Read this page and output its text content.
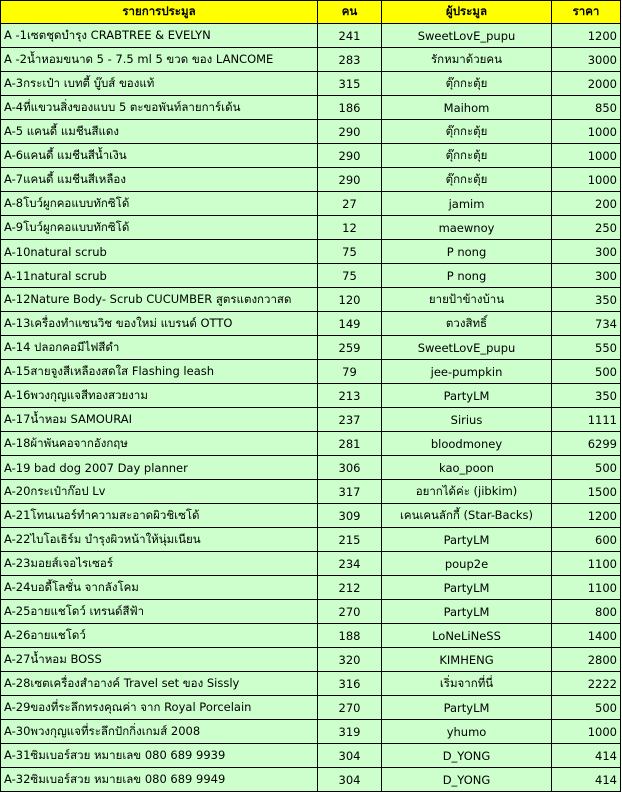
รายการประมูล	คน	ผู้ประมูล	ราคา
A -1เซตชุดบำรุง CRABTREE & EVELYN	241	SweetLovE_pupu	1200
A -2น้ำหอมขนาด 5 - 7.5 ml 5 ขวด ของ LANCOME	283	รักหมาด้วยคน	3000
A-3กระเป๋า เบทตี้ บู๊บส์ ของแท้	315	ตุ๊กกะตุ้ย	2000
A-4ที่แขวนสิ่งของแบบ 5 ตะขอพันท์ลายการ์เด้น	186	Maihom	850
A-5 แคนดี้ แมชีนสีแดง	290	ตุ๊กกะตุ้ย	1000
A-6แคนดี้ แมชีนสีน้ำเงิน	290	ตุ๊กกะตุ้ย	1000
A-7แคนดี้ แมชีนสีเหลือง	290	ตุ๊กกะตุ้ย	1000
A-8โบว์ผูกคอแบบทักซิโด้	27	jamim	200
A-9โบว์ผูกคอแบบทักซิโด้	12	maewnoy	250
A-10natural scrub	75	P nong	300
A-11natural scrub	75	P nong	300
A-12Nature Body- Scrub CUCUMBER สูตรแตงกวาสด	120	ยายป้าข้างบ้าน	350
A-13เครื่องทำแซนวิช ของใหม่ แบรนด์ OTTO	149	ตวงสิทธิ์	734
A-14 ปลอกคอมีไฟสีดำ	259	SweetLovE_pupu	550
A-15สายจูงสีเหลืองสดใส Flashing leash	79	jee-pumpkin	500
A-16พวงกุญแจสีทองสวยงาม	213	PartyLM	350
A-17น้ำหอม SAMOURAI	237	Sirius	1111
A-18ผ้าพันคอจากอังกฤษ	281	bloodmoney	6299
A-19 bad dog 2007 Day planner	306	kao_poon	500
A-20กระเป๋าก๊อป Lv	317	อยากได้ค่ะ (jibkim)	1500
A-21โทนเนอร์ทำความสะอาดผิวชิเซโด้	309	เคนเคนลักกี้ (Star-Backs)	1200
A-22ไบโอเธิร์ม บำรุงผิวหน้าให้นุ่มเนียน	215	PartyLM	600
A-23มอยส์เจอไรเซอร์	234	poup2e	1100
A-24บอดี้โลชั่น จากลังโคม	212	PartyLM	1100
A-25อายแชโดว์ เทรนด์สีฟ้า	270	PartyLM	800
A-26อายแชโดว์	188	LoNeLiNeSS	1400
A-27น้ำหอม BOSS	320	KIMHENG	2800
A-28เซตเครื่องสำอางค์ Travel set ของ Sissly	316	เริ่มจากที่นี่	2222
A-29ของที่ระลึกทรงคุณค่า จาก Royal Porcelain	270	PartyLM	500
A-30พวงกุญแจที่ระลึกปักกิ่งเกมส์ 2008	319	yhumo	1000
A-31ซิมเบอร์สวย หมายเลข 080 689 9939	304	D_YONG	414
A-32ซิมเบอร์สวย หมายเลข 080 689 9949	304	D_YONG	414
